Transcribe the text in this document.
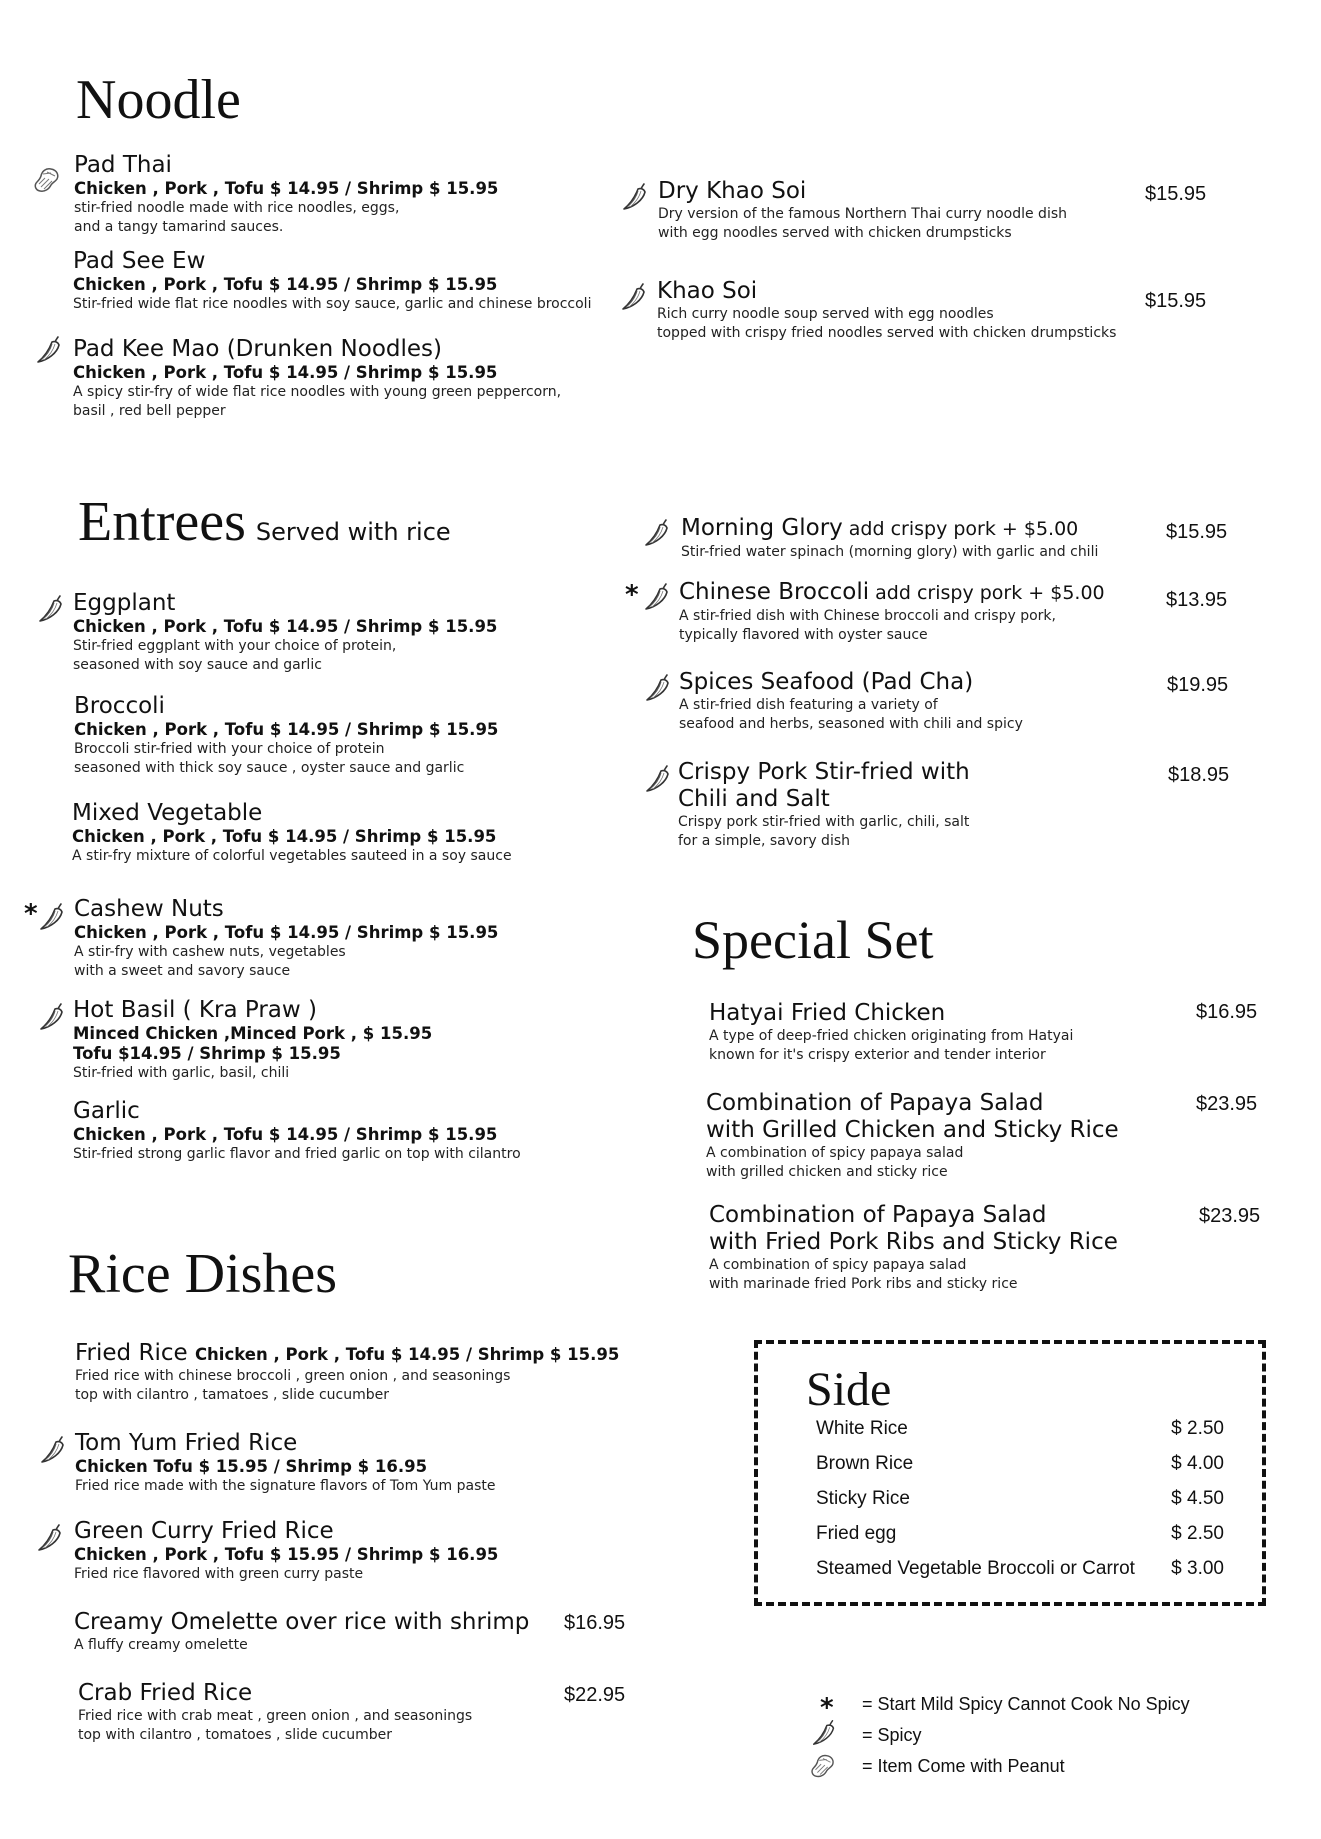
Noodle
Pad Thai
Chicken , Pork , Tofu $ 14.95 / Shrimp $ 15.95
stir-fried noodle made with rice noodles, eggs,
and a tangy tamarind sauces.
Pad See Ew
Chicken , Pork , Tofu $ 14.95 / Shrimp $ 15.95
Stir-fried wide flat rice noodles with soy sauce, garlic and chinese broccoli
Pad Kee Mao (Drunken Noodles)
Chicken , Pork , Tofu $ 14.95 / Shrimp $ 15.95
A spicy stir-fry of wide flat rice noodles with young green peppercorn,
basil , red bell pepper
Dry Khao Soi
Dry version of the famous Northern Thai curry noodle dish
with egg noodles served with chicken drumpsticks
$15.95
Khao Soi
Rich curry noodle soup served with egg noodles
topped with crispy fried noodles served with chicken drumpsticks
$15.95
Entrees Served with rice
Eggplant
Chicken , Pork , Tofu $ 14.95 / Shrimp $ 15.95
Stir-fried eggplant with your choice of protein,
seasoned with soy sauce and garlic
Broccoli
Chicken , Pork , Tofu $ 14.95 / Shrimp $ 15.95
Broccoli stir-fried with your choice of protein
seasoned with thick soy sauce , oyster sauce and garlic
Mixed Vegetable
Chicken , Pork , Tofu $ 14.95 / Shrimp $ 15.95
A stir-fry mixture of colorful vegetables sauteed in a soy sauce
* Cashew Nuts
Chicken , Pork , Tofu $ 14.95 / Shrimp $ 15.95
A stir-fry with cashew nuts, vegetables
with a sweet and savory sauce
Hot Basil ( Kra Praw )
Minced Chicken ,Minced Pork , $ 15.95
Tofu $14.95 / Shrimp $ 15.95
Stir-fried with garlic, basil, chili
Garlic
Chicken , Pork , Tofu $ 14.95 / Shrimp $ 15.95
Stir-fried strong garlic flavor and fried garlic on top with cilantro
Morning Glory add crispy pork + $5.00
Stir-fried water spinach (morning glory) with garlic and chili
$15.95
* Chinese Broccoli add crispy pork + $5.00
A stir-fried dish with Chinese broccoli and crispy pork,
typically flavored with oyster sauce
$13.95
Spices Seafood (Pad Cha)
A stir-fried dish featuring a variety of
seafood and herbs, seasoned with chili and spicy
$19.95
Crispy Pork Stir-fried with
Chili and Salt
Crispy pork stir-fried with garlic, chili, salt
for a simple, savory dish
$18.95
Special Set
Hatyai Fried Chicken
A type of deep-fried chicken originating from Hatyai
known for it's crispy exterior and tender interior
$16.95
Combination of Papaya Salad
with Grilled Chicken and Sticky Rice
A combination of spicy papaya salad
with grilled chicken and sticky rice
$23.95
Combination of Papaya Salad
with Fried Pork Ribs and Sticky Rice
A combination of spicy papaya salad
with marinade fried Pork ribs and sticky rice
$23.95
Rice Dishes
Fried Rice Chicken , Pork , Tofu $ 14.95 / Shrimp $ 15.95
Fried rice with chinese broccoli , green onion , and seasonings
top with cilantro , tamatoes , slide cucumber
Tom Yum Fried Rice
Chicken Tofu $ 15.95 / Shrimp $ 16.95
Fried rice made with the signature flavors of Tom Yum paste
Green Curry Fried Rice
Chicken , Pork , Tofu $ 15.95 / Shrimp $ 16.95
Fried rice flavored with green curry paste
Creamy Omelette over rice with shrimp
A fluffy creamy omelette
$16.95
Crab Fried Rice
Fried rice with crab meat , green onion , and seasonings
top with cilantro , tomatoes , slide cucumber
$22.95
Side
White Rice	$ 2.50
Brown Rice	$ 4.00
Sticky Rice	$ 4.50
Fried egg	$ 2.50
Steamed Vegetable Broccoli or Carrot $ 3.00
* = Start Mild Spicy Cannot Cook No Spicy
= Spicy
= Item Come with Peanut
